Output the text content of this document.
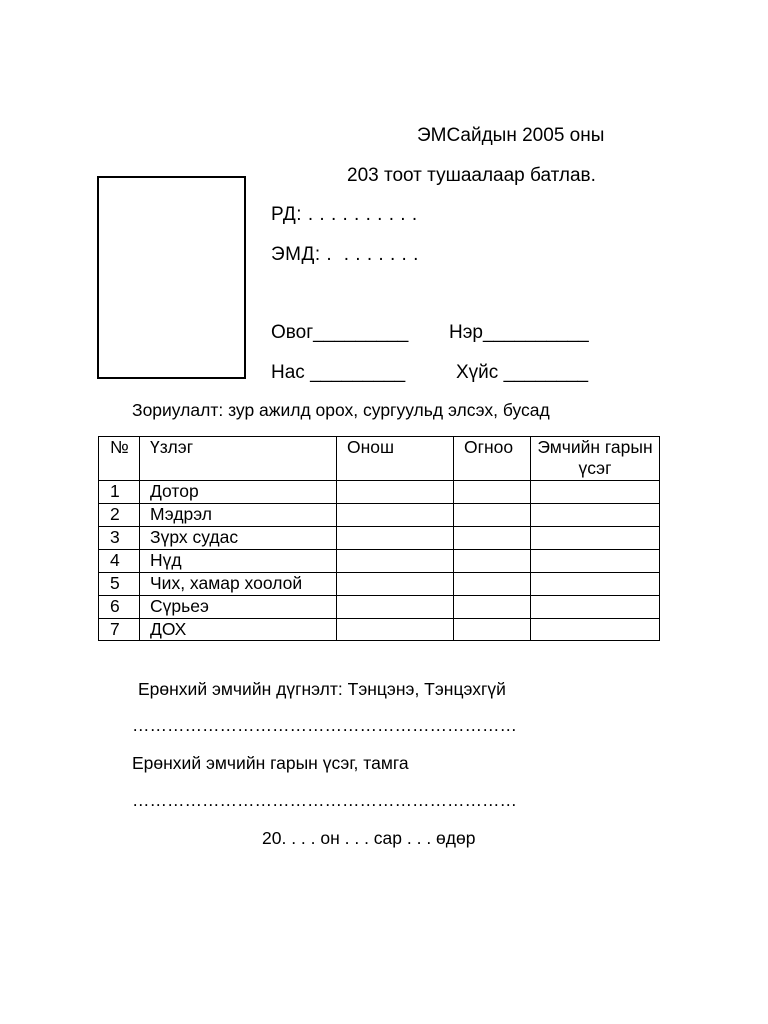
ЭМСайдын 2005 оны
203 тоот тушаалаар батлав.
РД: . . . . . . . . . .
ЭМД: .  . . . . . . .
Овог_________ Нэр__________
Нас _________	Хүйс ________
Зориулалт: зур ажилд орох, сургуульд элсэх, бусад
№	Үзлэг	Онош	Огноо	Эмчийн гарын үсэг
1	Дотор			
2	Мэдрэл			
3	Зүрх судас			
4	Нүд			
5	Чих, хамар хоолой			
6	Сүрьеэ			
7	ДОХ			
Ерөнхий эмчийн дүгнэлт: Тэнцэнэ, Тэнцэхгүй
…………………………………………………………
Ерөнхий эмчийн гарын үсэг, тамга
…………………………………………………………
20. . . . он . . . сар . . . өдөр
